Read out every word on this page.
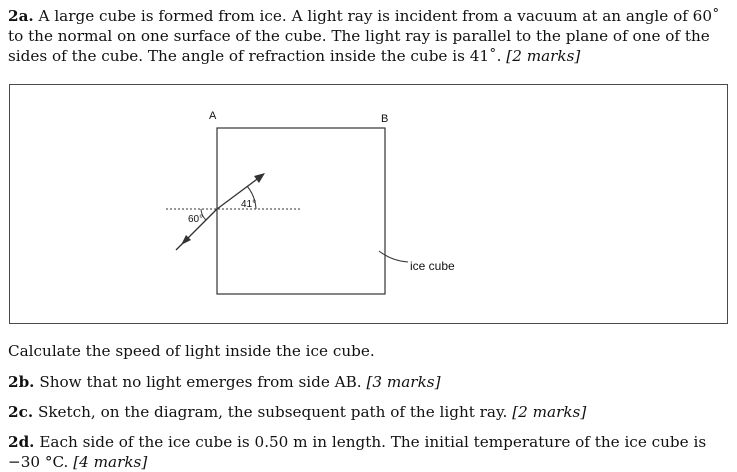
2a. A large cube is formed from ice. A light ray is incident from a vacuum at an angle of 60˚ to the normal on one surface of the cube. The light ray is parallel to the plane of one of the sides of the cube. The angle of refraction inside the cube is 41˚. [2 marks]

A	B
60°
41°
ice cube

Calculate the speed of light inside the ice cube.

2b. Show that no light emerges from side AB. [3 marks]

2c. Sketch, on the diagram, the subsequent path of the light ray. [2 marks]

2d. Each side of the ice cube is 0.50 m in length. The initial temperature of the ice cube is −30 °C. [4 marks]
